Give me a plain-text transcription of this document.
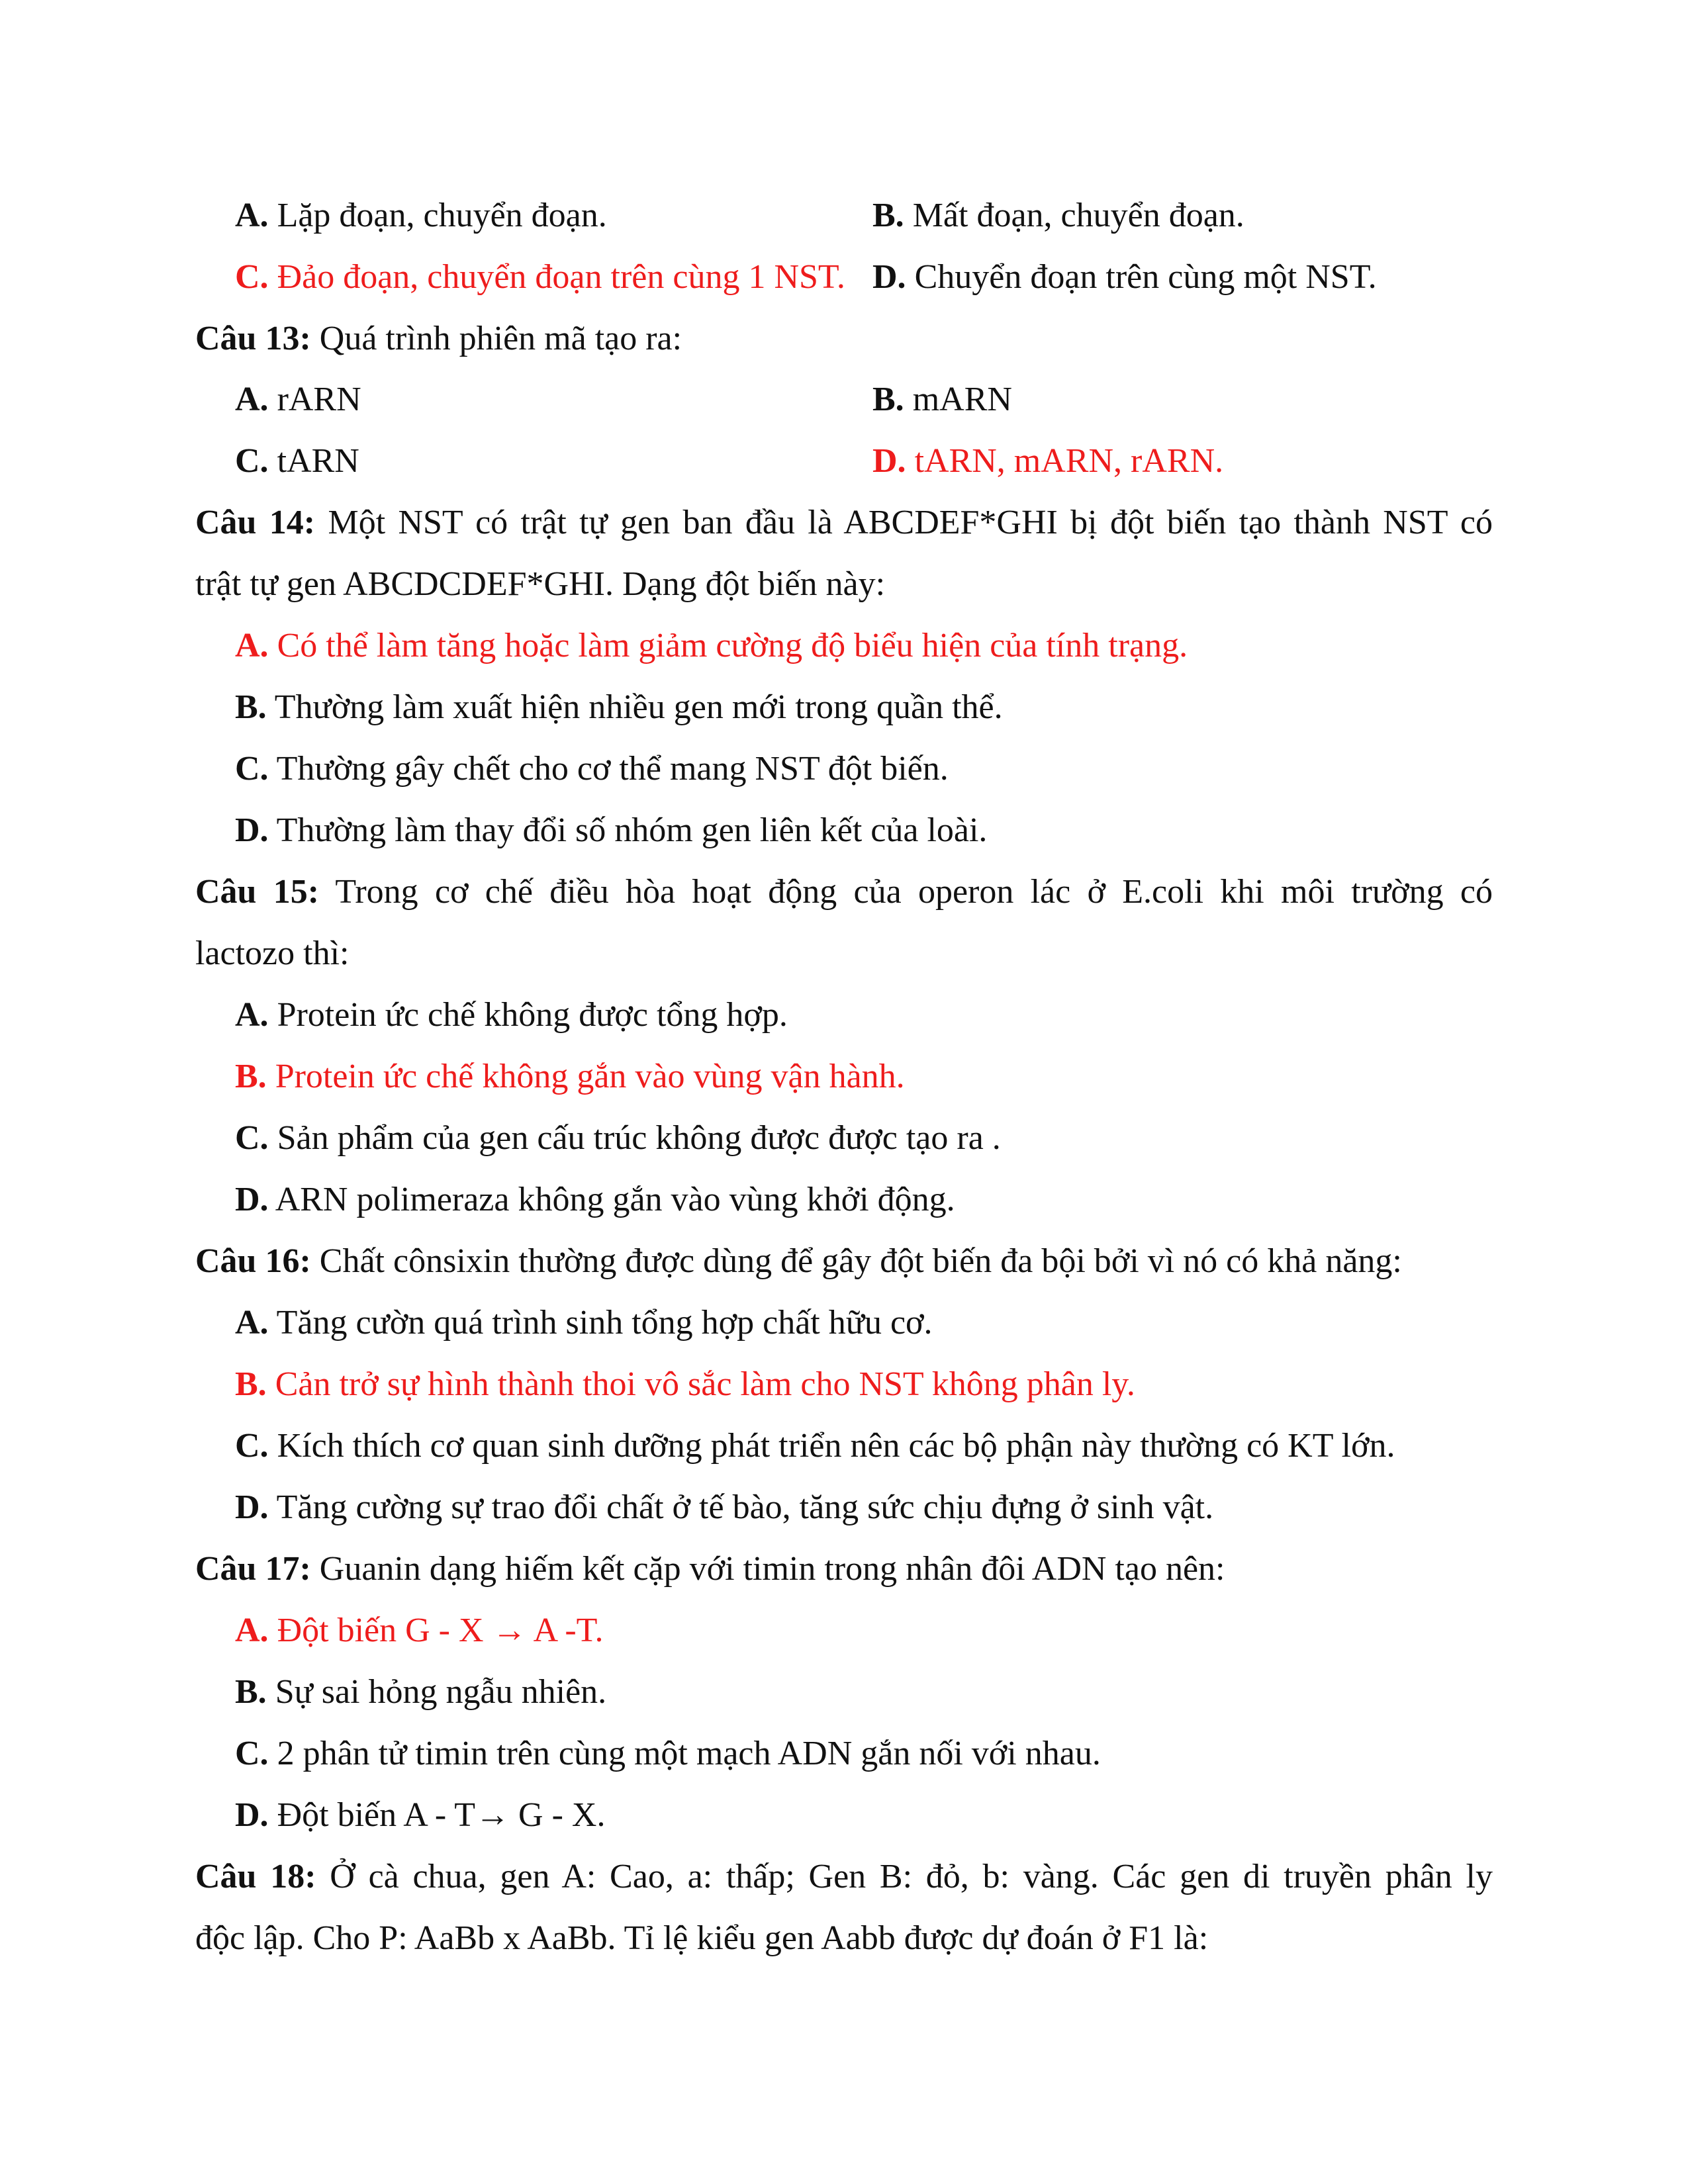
A. Lặp đoạn, chuyển đoạn.	B. Mất đoạn, chuyển đoạn.
C. Đảo đoạn, chuyển đoạn trên cùng 1 NST. D. Chuyển đoạn trên cùng một NST.
Câu 13: Quá trình phiên mã tạo ra:
A. rARN	B. mARN
C. tARN	D. tARN, mARN, rARN.
Câu 14: Một NST có trật tự gen ban đầu là ABCDEF*GHI bị đột biến tạo thành NST có
trật tự gen ABCDCDEF*GHI. Dạng đột biến này:
A. Có thể làm tăng hoặc làm giảm cường độ biểu hiện của tính trạng.
B. Thường làm xuất hiện nhiều gen mới trong quần thể.
C. Thường gây chết cho cơ thể mang NST đột biến.
D. Thường làm thay đổi số nhóm gen liên kết của loài.
Câu 15: Trong cơ chế điều hòa hoạt động của operon lác ở E.coli khi môi trường có
lactozo thì:
A. Protein ức chế không được tổng hợp.
B. Protein ức chế không gắn vào vùng vận hành.
C. Sản phẩm của gen cấu trúc không được được tạo ra .
D. ARN polimeraza không gắn vào vùng khởi động.
Câu 16: Chất cônsixin thường được dùng để gây đột biến đa bội bởi vì nó có khả năng:
A. Tăng cườn quá trình sinh tổng hợp chất hữu cơ.
B. Cản trở sự hình thành thoi vô sắc làm cho NST không phân ly.
C. Kích thích cơ quan sinh dưỡng phát triển nên các bộ phận này thường có KT lớn.
D. Tăng cường sự trao đổi chất ở tế bào, tăng sức chịu đựng ở sinh vật.
Câu 17: Guanin dạng hiếm kết cặp với timin trong nhân đôi ADN tạo nên:
A. Đột biến G - X → A -T.
B. Sự sai hỏng ngẫu nhiên.
C. 2 phân tử timin trên cùng một mạch ADN gắn nối với nhau.
D. Đột biến A - T→ G - X.
Câu 18: Ở cà chua, gen A: Cao, a: thấp; Gen B: đỏ, b: vàng. Các gen di truyền phân ly
độc lập. Cho P: AaBb x AaBb. Tỉ lệ kiểu gen Aabb được dự đoán ở F1 là:
